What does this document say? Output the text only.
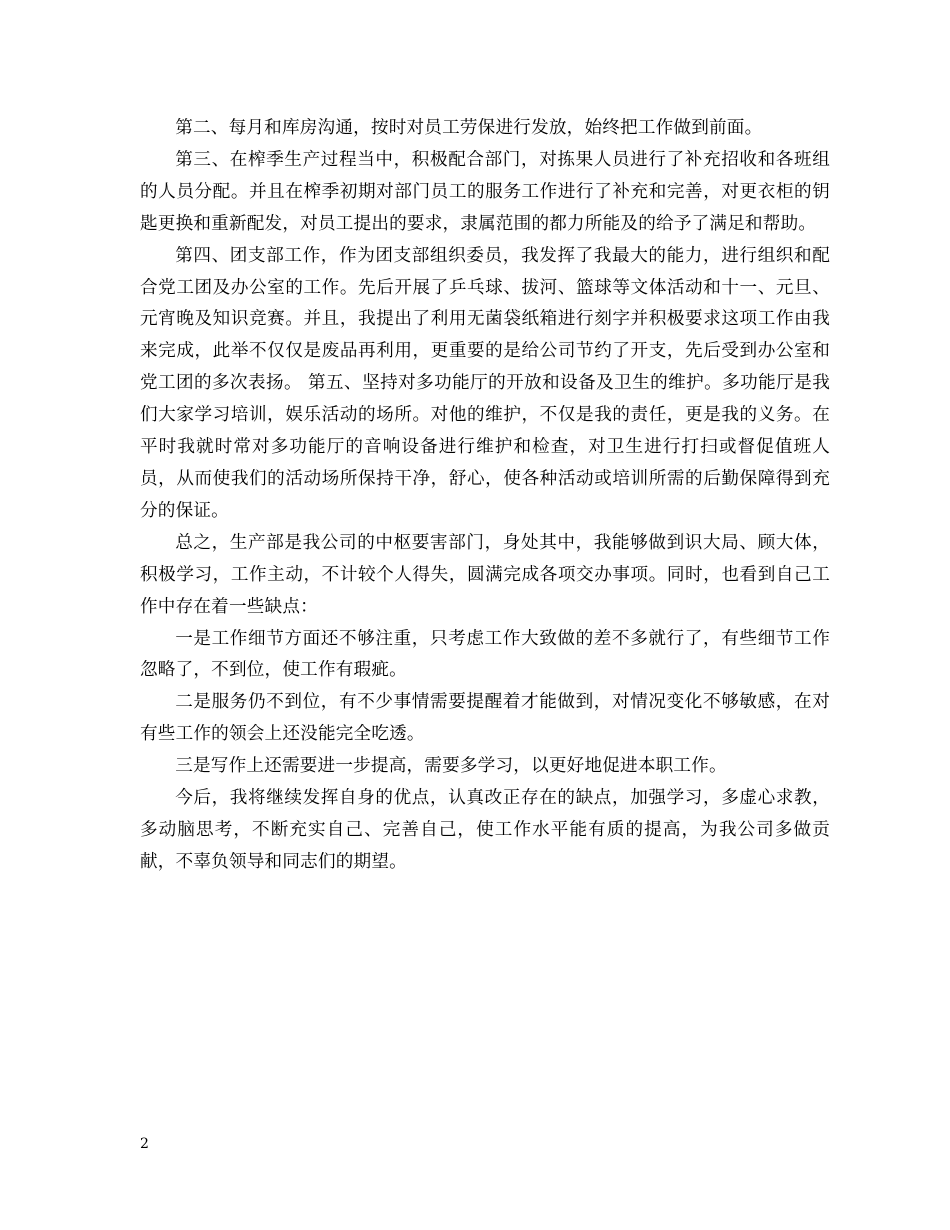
第二、每月和库房沟通，按时对员工劳保进行发放，始终把工作做到前面。

第三、在榨季生产过程当中，积极配合部门，对拣果人员进行了补充招收和各班组的人员分配。并且在榨季初期对部门员工的服务工作进行了补充和完善，对更衣柜的钥匙更换和重新配发，对员工提出的要求，隶属范围的都力所能及的给予了满足和帮助。

第四、团支部工作，作为团支部组织委员，我发挥了我最大的能力，进行组织和配合党工团及办公室的工作。先后开展了乒乓球、拔河、篮球等文体活动和十一、元旦、元宵晚及知识竞赛。并且，我提出了利用无菌袋纸箱进行刻字并积极要求这项工作由我来完成，此举不仅仅是废品再利用，更重要的是给公司节约了开支，先后受到办公室和党工团的多次表扬。 第五、坚持对多功能厅的开放和设备及卫生的维护。多功能厅是我们大家学习培训，娱乐活动的场所。对他的维护，不仅是我的责任，更是我的义务。在平时我就时常对多功能厅的音响设备进行维护和检查，对卫生进行打扫或督促值班人员，从而使我们的活动场所保持干净，舒心，使各种活动或培训所需的后勤保障得到充分的保证。

总之，生产部是我公司的中枢要害部门，身处其中，我能够做到识大局、顾大体，积极学习，工作主动，不计较个人得失，圆满完成各项交办事项。同时，也看到自己工作中存在着一些缺点：

一是工作细节方面还不够注重，只考虑工作大致做的差不多就行了，有些细节工作忽略了，不到位，使工作有瑕疵。

二是服务仍不到位，有不少事情需要提醒着才能做到，对情况变化不够敏感，在对有些工作的领会上还没能完全吃透。

三是写作上还需要进一步提高，需要多学习，以更好地促进本职工作。

今后，我将继续发挥自身的优点，认真改正存在的缺点，加强学习，多虚心求教，多动脑思考，不断充实自己、完善自己，使工作水平能有质的提高，为我公司多做贡献，不辜负领导和同志们的期望。

2
